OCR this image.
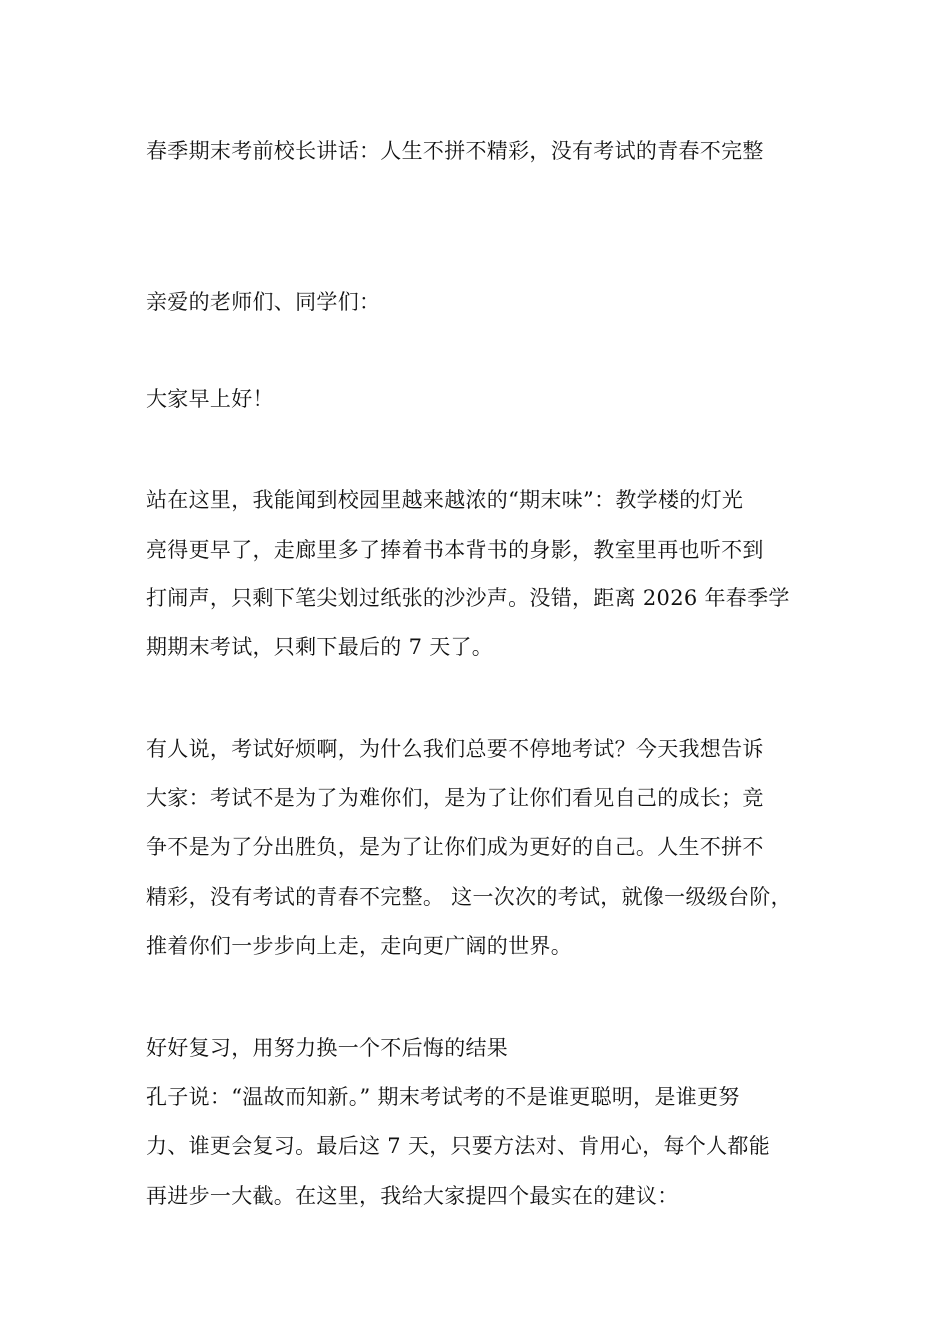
春季期末考前校长讲话：人生不拼不精彩，没有考试的青春不完整
亲爱的老师们、同学们：
大家早上好！
站在这里，我能闻到校园里越来越浓的“期末味”：教学楼的灯光
亮得更早了，走廊里多了捧着书本背书的身影，教室里再也听不到
打闹声，只剩下笔尖划过纸张的沙沙声。没错，距离 2026 年春季学
期期末考试，只剩下最后的 7 天了。
有人说，考试好烦啊，为什么我们总要不停地考试？今天我想告诉
大家：考试不是为了为难你们，是为了让你们看见自己的成长；竞
争不是为了分出胜负，是为了让你们成为更好的自己。人生不拼不
精彩，没有考试的青春不完整。 这一次次的考试，就像一级级台阶，
推着你们一步步向上走，走向更广阔的世界。
好好复习，用努力换一个不后悔的结果
孔子说：“温故而知新。” 期末考试考的不是谁更聪明，是谁更努
力、谁更会复习。最后这 7 天，只要方法对、肯用心，每个人都能
再进步一大截。在这里，我给大家提四个最实在的建议：
